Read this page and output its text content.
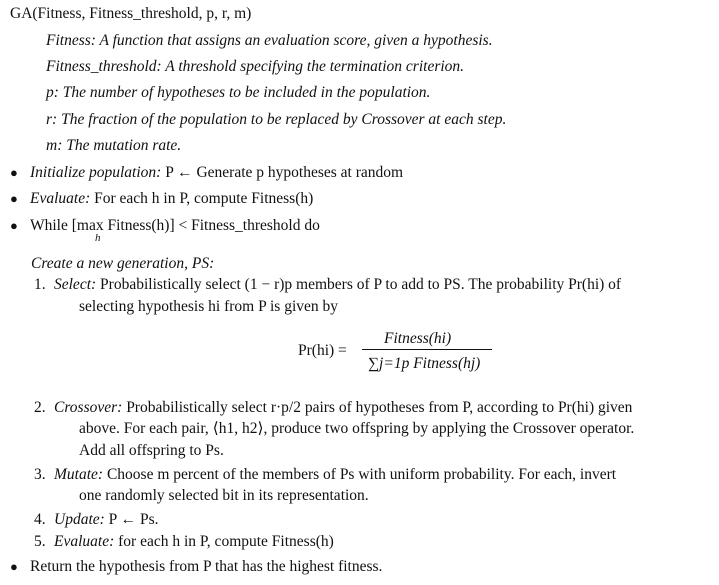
GA(Fitness, Fitness_threshold, p, r, m)
Fitness: A function that assigns an evaluation score, given a hypothesis.
Fitness_threshold: A threshold specifying the termination criterion.
p: The number of hypotheses to be included in the population.
r: The fraction of the population to be replaced by Crossover at each step.
m: The mutation rate.
● Initialize population: P ← Generate p hypotheses at random
● Evaluate: For each h in P, compute Fitness(h)
● While [max Fitness(h)] < Fitness_threshold do
h
Create a new generation, PS:
1. Select: Probabilistically select (1 − r)p members of P to add to PS. The probability Pr(hi) of
selecting hypothesis hi from P is given by
Pr(hi) =
Fitness(hi)
∑j=1p Fitness(hj)
2. Crossover: Probabilistically select r·p/2 pairs of hypotheses from P, according to Pr(hi) given
above. For each pair, ⟨h1, h2⟩, produce two offspring by applying the Crossover operator.
Add all offspring to Ps.
3. Mutate: Choose m percent of the members of Ps with uniform probability. For each, invert
one randomly selected bit in its representation.
4. Update: P ← Ps.
5. Evaluate: for each h in P, compute Fitness(h)
● Return the hypothesis from P that has the highest fitness.
